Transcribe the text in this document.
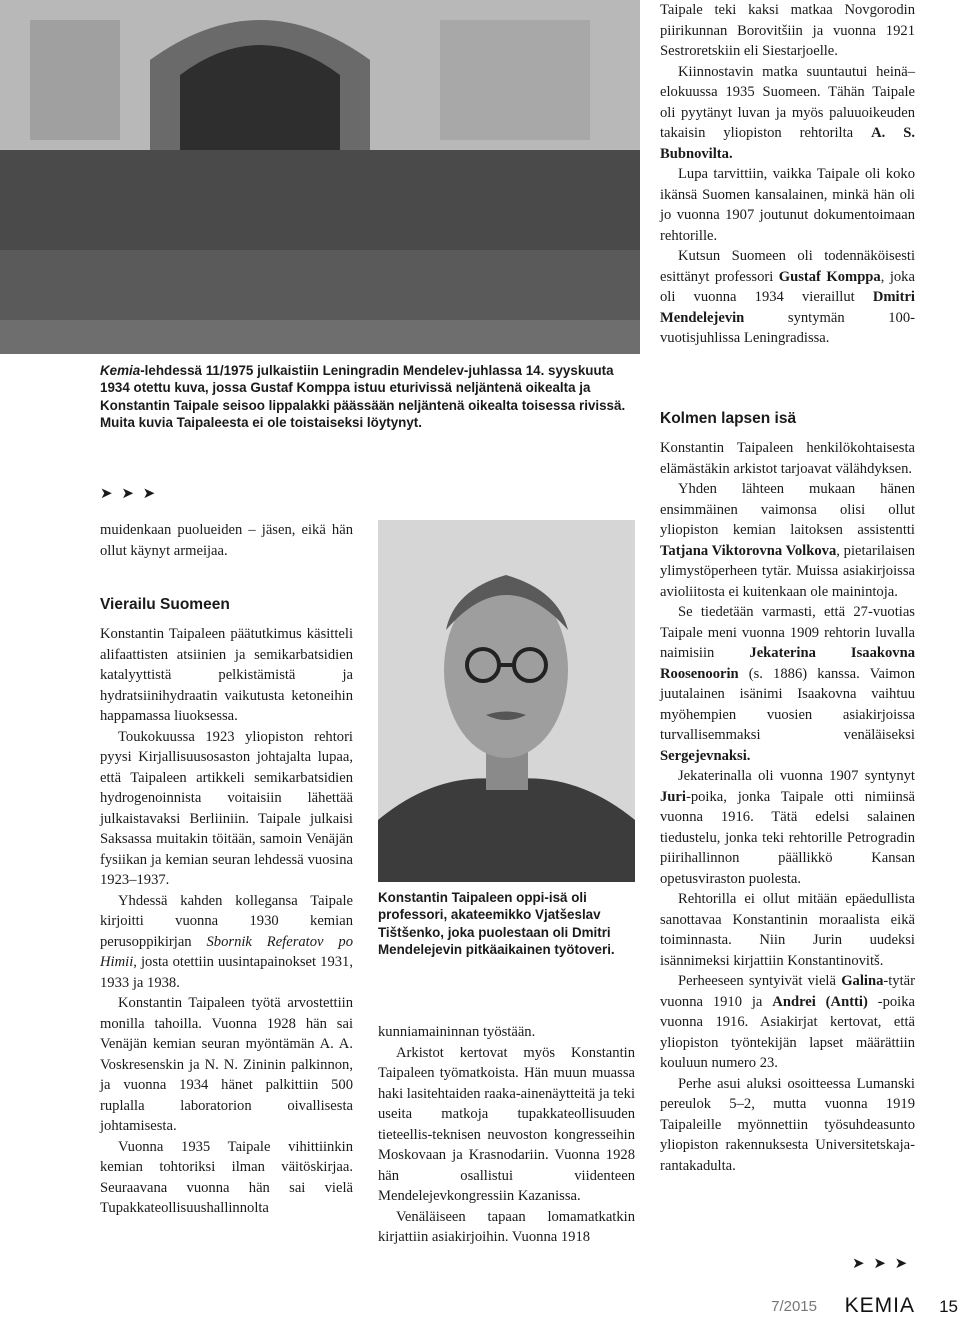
Kemia-lehdessä 11/1975 julkaistiin Leningradin Mendelev-juhlassa 14. syyskuuta 1934 otettu kuva, jossa Gustaf Komppa istuu eturivissä neljäntenä oikealta ja Konstantin Taipale seisoo lippalakki päässään neljäntenä oikealta toisessa rivissä. Muita kuvia Taipaleesta ei ole toistaiseksi löytynyt.

➤ ➤ ➤

muidenkaan puolueiden – jäsen, eikä hän ollut käynyt armeijaa.

Vierailu Suomeen

Konstantin Taipaleen päätutkimus käsitteli alifaattisten atsiinien ja semikarbatsidien katalyyttistä pelkistämistä ja hydratsiinihydraatin vaikutusta ketoneihin happamassa liuoksessa.

Toukokuussa 1923 yliopiston rehtori pyysi Kirjallisuusosaston johtajalta lupaa, että Taipaleen artikkeli semikarbatsidien hydrogenoinnista voitaisiin lähettää julkaistavaksi Berliiniin. Taipale julkaisi Saksassa muitakin töitään, samoin Venäjän fysiikan ja kemian seuran lehdessä vuosina 1923–1937.

Yhdessä kahden kollegansa Taipale kirjoitti vuonna 1930 kemian perusoppikirjan Sbornik Referatov po Himii, josta otettiin uusintapainokset 1931, 1933 ja 1938.

Konstantin Taipaleen työtä arvostettiin monilla tahoilla. Vuonna 1928 hän sai Venäjän kemian seuran myöntämän A. A. Voskresenskin ja N. N. Zininin palkinnon, ja vuonna 1934 hänet palkittiin 500 ruplalla laboratorion oivallisesta johtamisesta.

Vuonna 1935 Taipale vihittiinkin kemian tohtoriksi ilman väitöskirjaa. Seuraavana vuonna hän sai vielä Tupakkateollisuushallinnolta

Konstantin Taipaleen oppi-isä oli professori, akateemikko Vjatšeslav Tištšenko, joka puolestaan oli Dmitri Mendelejevin pitkäaikainen työtoveri.

kunniamaininnan työstään.

Arkistot kertovat myös Konstantin Taipaleen työmatkoista. Hän muun muassa haki lasitehtaiden raaka-ainenäytteitä ja teki useita matkoja tupakkateollisuuden tieteellis-teknisen neuvoston kongresseihin Moskovaan ja Krasnodariin. Vuonna 1928 hän osallistui viidenteen Mendelejevkongressiin Kazanissa.

Venäläiseen tapaan lomamatkatkin kirjattiin asiakirjoihin. Vuonna 1918

Taipale teki kaksi matkaa Novgorodin piirikunnan Borovitšiin ja vuonna 1921 Sestroretskiin eli Siestarjoelle.

Kiinnostavin matka suuntautui heinä–elokuussa 1935 Suomeen. Tähän Taipale oli pyytänyt luvan ja myös paluuoikeuden takaisin yliopiston rehtorilta A. S. Bubnovilta.

Lupa tarvittiin, vaikka Taipale oli koko ikänsä Suomen kansalainen, minkä hän oli jo vuonna 1907 joutunut dokumentoimaan rehtorille.

Kutsun Suomeen oli todennäköisesti esittänyt professori Gustaf Komppa, joka oli vuonna 1934 vieraillut Dmitri Mendelejevin	syntymän 100-vuotisjuhlissa Leningradissa.

Kolmen lapsen isä

Konstantin Taipaleen henkilökohtaisesta elämästäkin arkistot tarjoavat välähdyksen.

Yhden lähteen mukaan hänen ensimmäinen vaimonsa olisi ollut yliopiston kemian laitoksen assistentti Tatjana Viktorovna Volkova, pietarilaisen ylimystöperheen tytär. Muissa asiakirjoissa avioliitosta ei kuitenkaan ole mainintoja.

Se tiedetään varmasti, että 27-vuotias Taipale meni vuonna 1909 rehtorin luvalla naimisiin Jekaterina Isaakovna Roosenoorin (s. 1886) kanssa. Vaimon juutalainen isänimi Isaakovna vaihtuu myöhempien vuosien asiakirjoissa turvallisemmaksi venäläiseksi Sergejevnaksi.

Jekaterinalla oli vuonna 1907 syntynyt Juri-poika, jonka Taipale otti nimiinsä vuonna 1916. Tätä edelsi salainen tiedustelu, jonka teki rehtorille Petrogradin piirihallinnon päällikkö Kansan opetusviraston puolesta.

Rehtorilla ei ollut mitään epäedullista sanottavaa Konstantinin moraalista eikä toiminnasta. Niin Jurin uudeksi isännimeksi kirjattiin Konstantinovitš.

Perheeseen syntyivät vielä Galina-tytär vuonna 1910 ja Andrei (Antti) -poika vuonna 1916. Asiakirjat kertovat, että yliopiston työntekijän lapset määrättiin kouluun numero 23.

Perhe asui aluksi osoitteessa Lumanski pereulok 5–2, mutta vuonna 1919 Taipaleille myönnettiin työsuhdeasunto yliopiston rakennuksesta Universitetskaja-rantakadulta.

➤ ➤ ➤
7/2015 KEMIA 15
